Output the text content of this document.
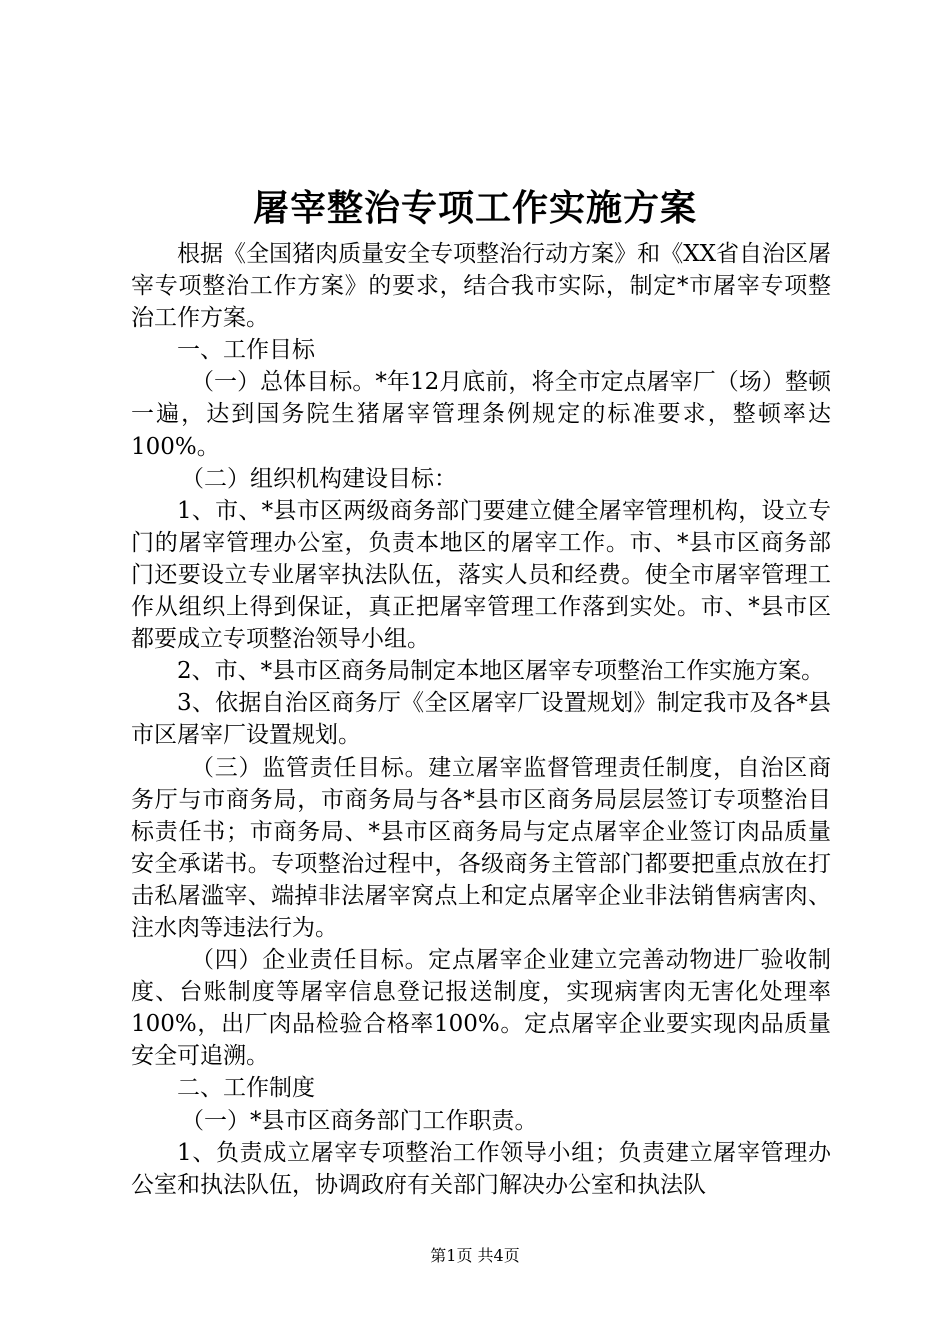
屠宰整治专项工作实施方案

根据《全国猪肉质量安全专项整治行动方案》和《XX省自治区屠宰专项整治工作方案》的要求，结合我市实际，制定*市屠宰专项整治工作方案。

一、工作目标

（一）总体目标。*年12月底前，将全市定点屠宰厂（场）整顿一遍，达到国务院生猪屠宰管理条例规定的标准要求，整顿率达100%。

（二）组织机构建设目标：

1、市、*县市区两级商务部门要建立健全屠宰管理机构，设立专门的屠宰管理办公室，负责本地区的屠宰工作。市、*县市区商务部门还要设立专业屠宰执法队伍，落实人员和经费。使全市屠宰管理工作从组织上得到保证，真正把屠宰管理工作落到实处。市、*县市区都要成立专项整治领导小组。

2、市、*县市区商务局制定本地区屠宰专项整治工作实施方案。

3、依据自治区商务厅《全区屠宰厂设置规划》制定我市及各*县市区屠宰厂设置规划。

（三）监管责任目标。建立屠宰监督管理责任制度，自治区商务厅与市商务局，市商务局与各*县市区商务局层层签订专项整治目标责任书；市商务局、*县市区商务局与定点屠宰企业签订肉品质量安全承诺书。专项整治过程中，各级商务主管部门都要把重点放在打击私屠滥宰、端掉非法屠宰窝点上和定点屠宰企业非法销售病害肉、注水肉等违法行为。

（四）企业责任目标。定点屠宰企业建立完善动物进厂验收制度、台账制度等屠宰信息登记报送制度，实现病害肉无害化处理率100%，出厂肉品检验合格率100%。定点屠宰企业要实现肉品质量安全可追溯。

二、工作制度

（一）*县市区商务部门工作职责。

1、负责成立屠宰专项整治工作领导小组；负责建立屠宰管理办公室和执法队伍，协调政府有关部门解决办公室和执法队

第1页 共4页
